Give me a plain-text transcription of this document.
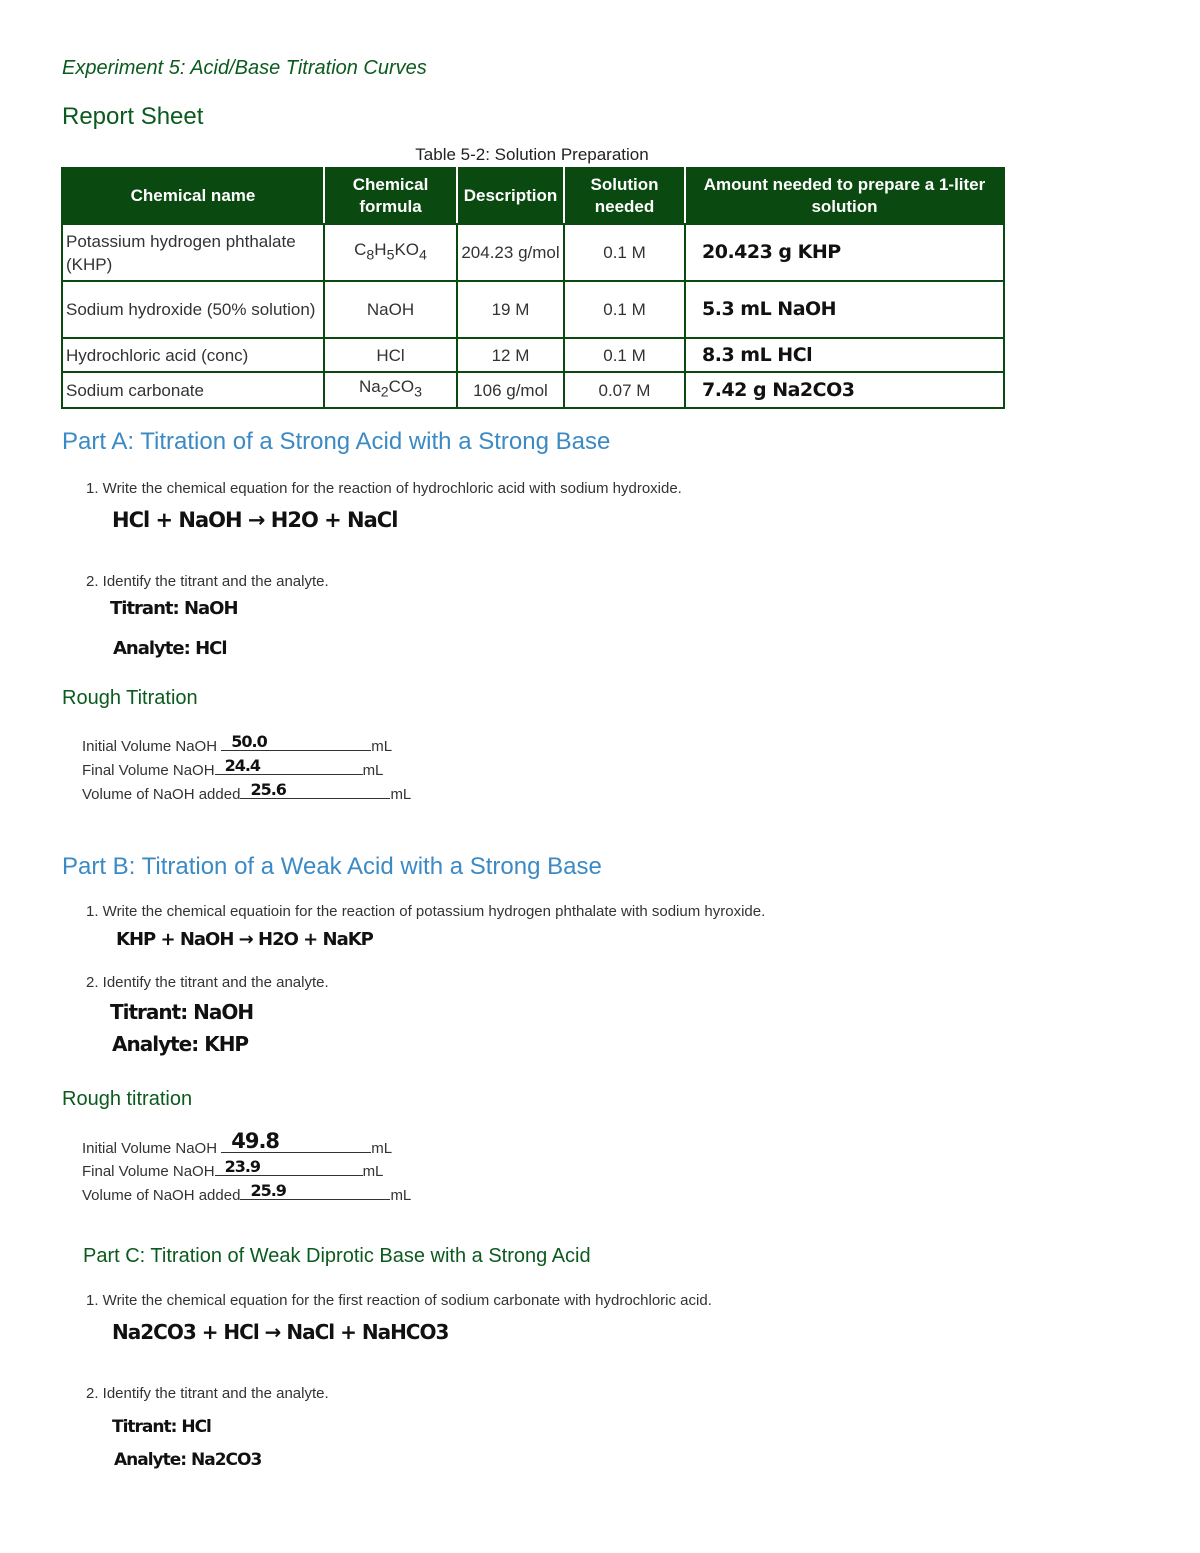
Experiment 5: Acid/Base Titration Curves
Report Sheet
Table 5-2: Solution Preparation
Chemical name	Chemical formula	Description	Solution needed	Amount needed to prepare a 1-liter solution
Potassium hydrogen phthalate (KHP)	$C_8H_5KO_4$	204.23 g/mol	0.1 M	20.423 g KHP
Sodium hydroxide (50% solution)	NaOH	19 M	0.1 M	5.3 mL NaOH
Hydrochloric acid (conc)	HCl	12 M	0.1 M	8.3 mL HCl
Sodium carbonate	$Na_2CO_3$	106 g/mol	0.07 M	7.42 g Na2CO3
Part A: Titration of a Strong Acid with a Strong Base
1. Write the chemical equation for the reaction of hydrochloric acid with sodium hydroxide.
HCl + NaOH → H2O + NaCl
2. Identify the titrant and the analyte.
Titrant: NaOH
Analyte: HCl
Rough Titration
Initial Volume NaOH 50.0	mL
Final Volume NaOH 24.4	mL
Volume of NaOH added 25.6	mL
Part B: Titration of a Weak Acid with a Strong Base
1. Write the chemical equatioin for the reaction of potassium hydrogen phthalate with sodium hyroxide.
KHP + NaOH → H2O + NaKP
2. Identify the titrant and the analyte.
Titrant: NaOH
Analyte: KHP
Rough titration
Initial Volume NaOH 49.8	mL
Final Volume NaOH 23.9	mL
Volume of NaOH added 25.9	mL
Part C: Titration of Weak Diprotic Base with a Strong Acid
1. Write the chemical equation for the first reaction of sodium carbonate with hydrochloric acid.
Na2CO3 + HCl → NaCl + NaHCO3
2. Identify the titrant and the analyte.
Titrant: HCl
Analyte: Na2CO3
